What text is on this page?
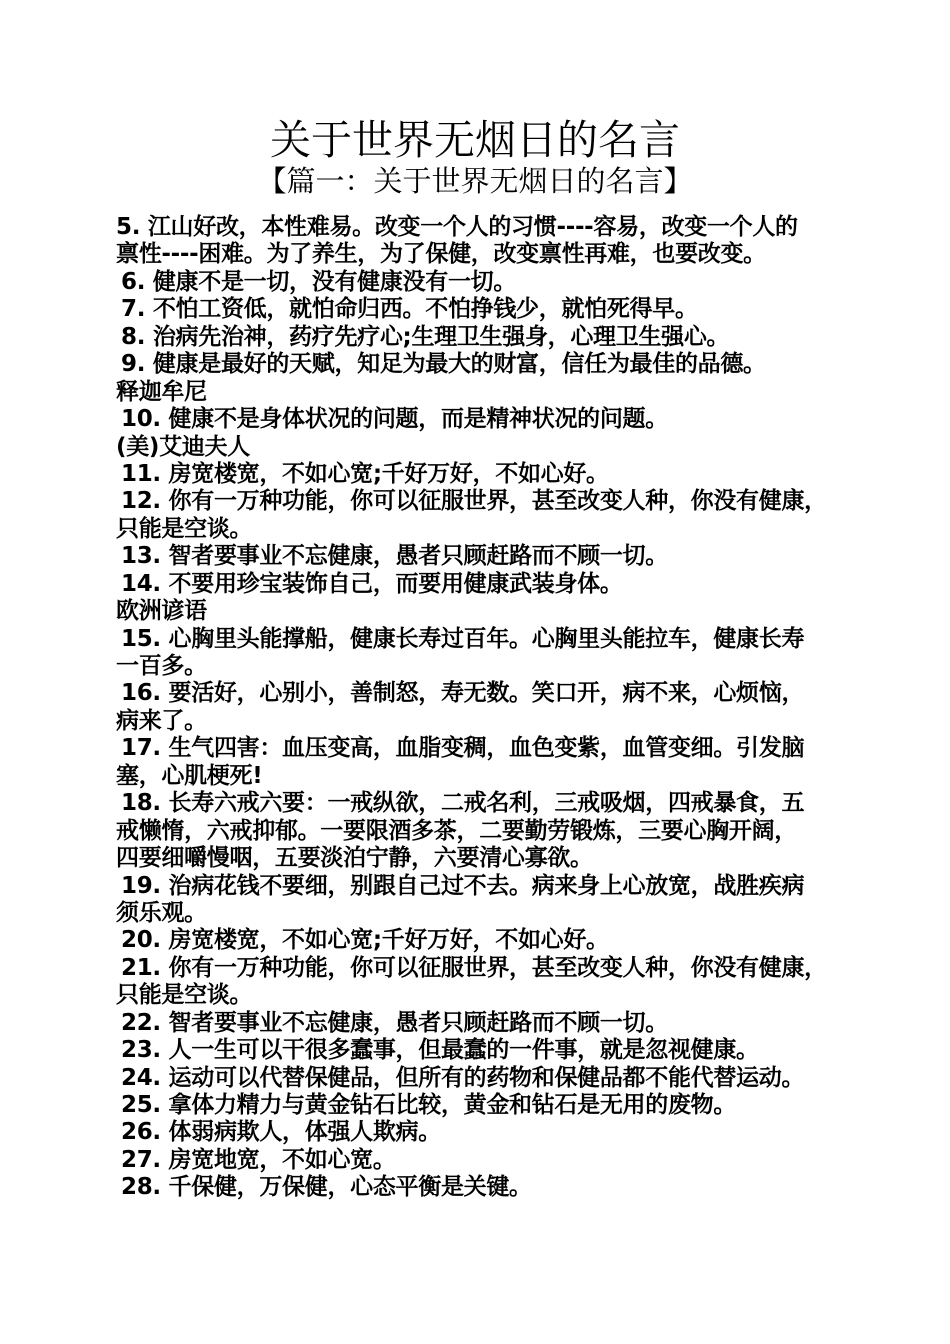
关于世界无烟日的名言
【篇一：关于世界无烟日的名言】
5. 江山好改，本性难易。改变一个人的习惯----容易，改变一个人的
禀性----困难。为了养生，为了保健，改变禀性再难，也要改变。
6. 健康不是一切，没有健康没有一切。
7. 不怕工资低，就怕命归西。不怕挣钱少，就怕死得早。
8. 治病先治神，药疗先疗心;生理卫生强身，心理卫生强心。
9. 健康是最好的天赋，知足为最大的财富，信任为最佳的品德。
释迦牟尼
10. 健康不是身体状况的问题，而是精神状况的问题。
(美)艾迪夫人
11. 房宽楼宽，不如心宽;千好万好，不如心好。
12. 你有一万种功能，你可以征服世界，甚至改变人种，你没有健康，
只能是空谈。
13. 智者要事业不忘健康，愚者只顾赶路而不顾一切。
14. 不要用珍宝装饰自己，而要用健康武装身体。
欧洲谚语
15. 心胸里头能撑船，健康长寿过百年。心胸里头能拉车，健康长寿
一百多。
16. 要活好，心别小，善制怒，寿无数。笑口开，病不来，心烦恼，
病来了。
17. 生气四害：血压变高，血脂变稠，血色变紫，血管变细。引发脑
塞，心肌梗死!
18. 长寿六戒六要：一戒纵欲，二戒名利，三戒吸烟，四戒暴食，五
戒懒惰，六戒抑郁。一要限酒多茶，二要勤劳锻炼，三要心胸开阔，
四要细嚼慢咽，五要淡泊宁静，六要清心寡欲。
19. 治病花钱不要细，别跟自己过不去。病来身上心放宽，战胜疾病
须乐观。
20. 房宽楼宽，不如心宽;千好万好，不如心好。
21. 你有一万种功能，你可以征服世界，甚至改变人种，你没有健康，
只能是空谈。
22. 智者要事业不忘健康，愚者只顾赶路而不顾一切。
23. 人一生可以干很多蠢事，但最蠢的一件事，就是忽视健康。
24. 运动可以代替保健品，但所有的药物和保健品都不能代替运动。
25. 拿体力精力与黄金钻石比较，黄金和钻石是无用的废物。
26. 体弱病欺人，体强人欺病。
27. 房宽地宽，不如心宽。
28. 千保健，万保健，心态平衡是关键。
